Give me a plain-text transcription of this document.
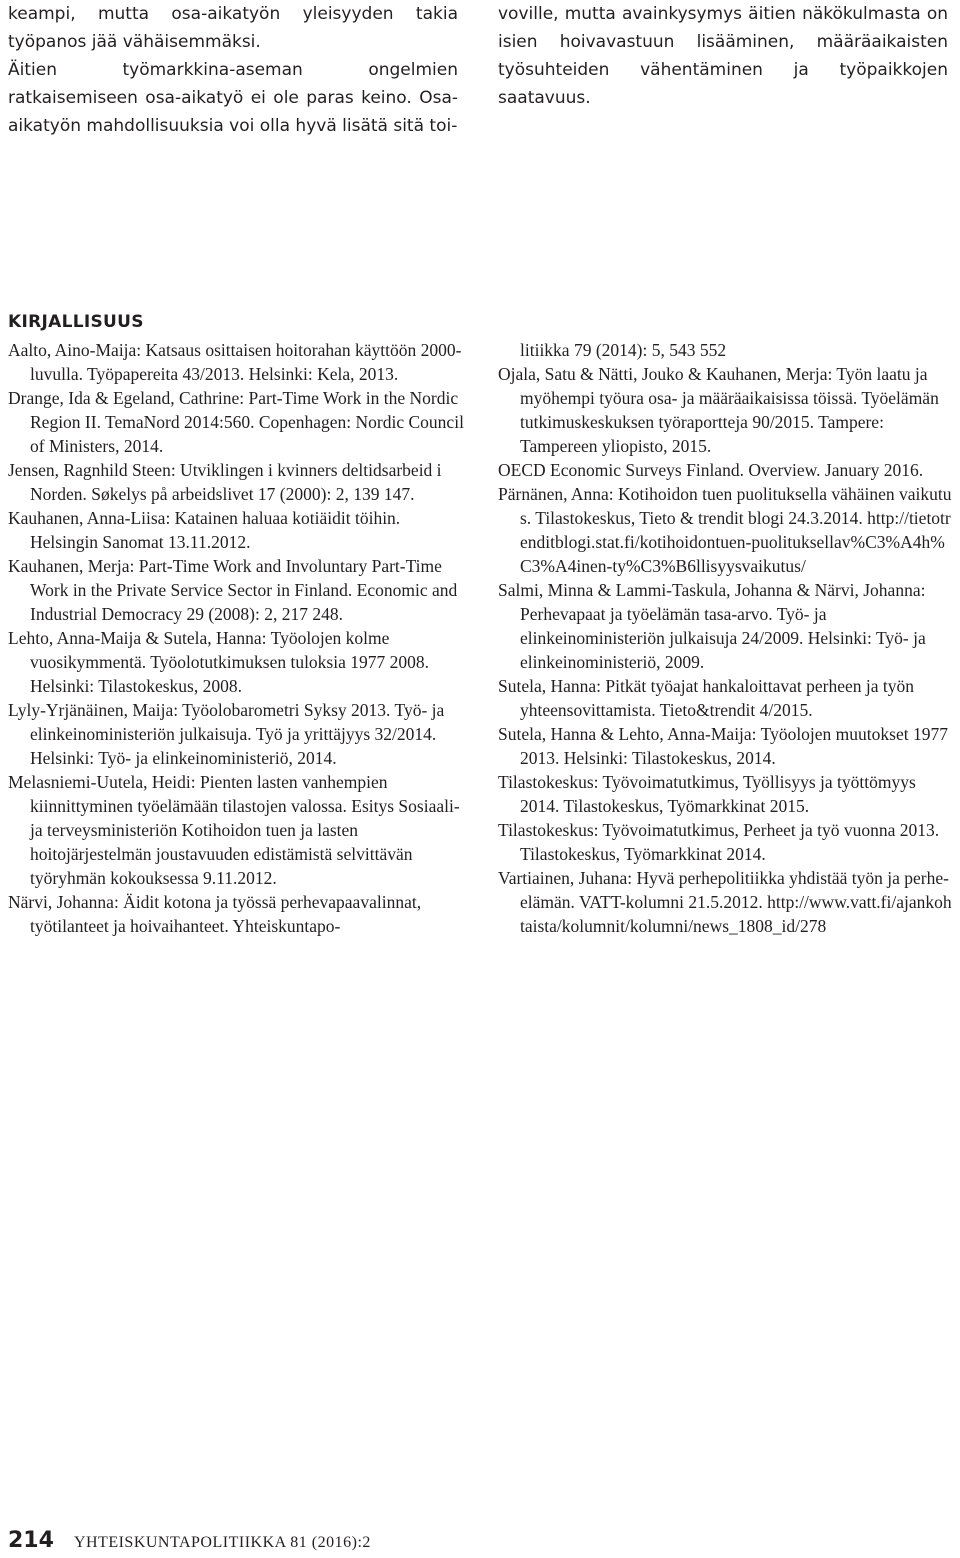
keampi, mutta osa-aikatyön yleisyyden takia työpanos jää vähäisemmäksi.

Äitien työmarkkina-aseman ongelmien ratkaisemiseen osa-aikatyö ei ole paras keino. Osa-aikatyön mahdollisuuksia voi olla hyvä lisätä sitä toi-

voville, mutta avainkysymys äitien näkökulmasta on isien hoivavastuun lisääminen, määräaikaisten työsuhteiden vähentäminen ja työpaikkojen saatavuus.

KIRJALLISUUS

Aalto, Aino-Maija: Katsaus osittaisen hoitorahan käyttöön 2000-luvulla. Työpapereita 43/2013. Helsinki: Kela, 2013.

Drange, Ida & Egeland, Cathrine: Part-Time Work in the Nordic Region II. TemaNord 2014:560. Copenhagen: Nordic Council of Ministers, 2014.

Jensen, Ragnhild Steen: Utviklingen i kvinners deltidsarbeid i Norden. Søkelys på arbeidslivet 17 (2000): 2, 139 147.

Kauhanen, Anna-Liisa: Katainen haluaa kotiäidit töihin. Helsingin Sanomat 13.11.2012.

Kauhanen, Merja: Part-Time Work and Involuntary Part-Time Work in the Private Service Sector in Finland. Economic and Industrial Democracy 29 (2008): 2, 217 248.

Lehto, Anna-Maija & Sutela, Hanna: Työolojen kolme vuosikymmentä. Työolotutkimuksen tuloksia 1977 2008. Helsinki: Tilastokeskus, 2008.

Lyly-Yrjänäinen, Maija: Työolobarometri Syksy 2013. Työ- ja elinkeinoministeriön julkaisuja. Työ ja yrittäjyys 32/2014. Helsinki: Työ- ja elinkeinoministeriö, 2014.

Melasniemi-Uutela, Heidi: Pienten lasten vanhempien kiinnittyminen työelämään tilastojen valossa. Esitys Sosiaali- ja terveysministeriön Kotihoidon tuen ja lasten hoitojärjestelmän joustavuuden edistämistä selvittävän työryhmän kokouksessa 9.11.2012.

Närvi, Johanna: Äidit kotona ja työssä perhevapaavalinnat, työtilanteet ja hoivaihanteet. Yhteiskuntapo-

litiikka 79 (2014): 5, 543 552

Ojala, Satu & Nätti, Jouko & Kauhanen, Merja: Työn laatu ja myöhempi työura osa- ja määräaikaisissa töissä. Työelämän tutkimuskeskuksen työraportteja 90/2015. Tampere: Tampereen yliopisto, 2015.

OECD Economic Surveys Finland. Overview. January 2016.

Pärnänen, Anna: Kotihoidon tuen puolituksella vähäinen vaikutus. Tilastokeskus, Tieto & trendit blogi 24.3.2014. http://tietotrenditblogi.stat.fi/kotihoidontuen-puolituksellav%C3%A4h%C3%A4inen-ty%C3%B6llisyysvaikutus/

Salmi, Minna & Lammi-Taskula, Johanna & Närvi, Johanna: Perhevapaat ja työelämän tasa-arvo. Työ- ja elinkeinoministeriön julkaisuja 24/2009. Helsinki: Työ- ja elinkeinoministeriö, 2009.

Sutela, Hanna: Pitkät työajat hankaloittavat perheen ja työn yhteensovittamista. Tieto&trendit 4/2015.

Sutela, Hanna & Lehto, Anna-Maija: Työolojen muutokset 1977 2013. Helsinki: Tilastokeskus, 2014.

Tilastokeskus: Työvoimatutkimus, Työllisyys ja työttömyys 2014. Tilastokeskus, Työmarkkinat 2015.

Tilastokeskus: Työvoimatutkimus, Perheet ja työ vuonna 2013. Tilastokeskus, Työmarkkinat 2014.

Vartiainen, Juhana: Hyvä perhepolitiikka yhdistää työn ja perhe-elämän. VATT-kolumni 21.5.2012. http://www.vatt.fi/ajankohtaista/kolumnit/kolumni/news_1808_id/278

214 YHTEISKUNTAPOLITIIKKA 81 (2016):2
